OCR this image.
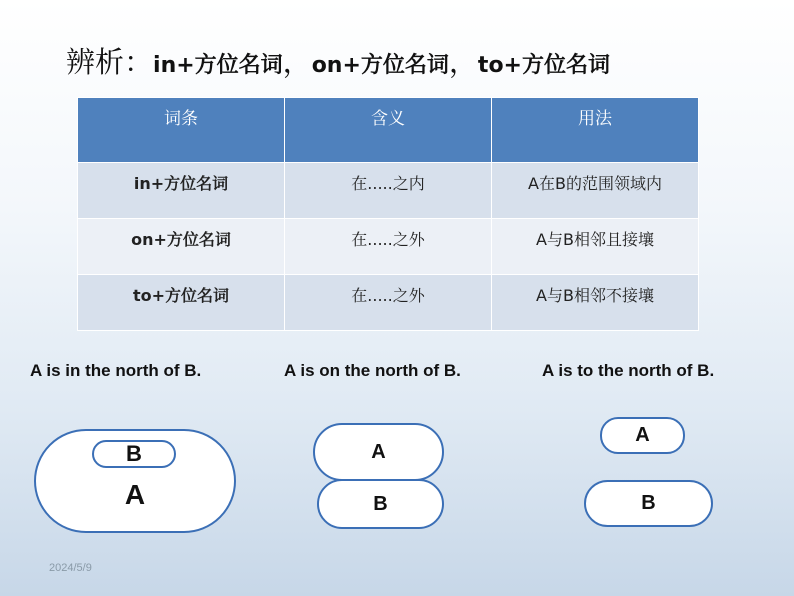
辨析：in+方位名词，on+方位名词，to+方位名词
词条	含义	用法
in+方位名词	在.....之内	A在B的范围领域内
on+方位名词	在.....之外	A与B相邻且接壤
to+方位名词	在.....之外	A与B相邻不接壤
A is in the north of B.	A is on the north of B.	A is to the north of B.
A
B	A
B
A
B
2024/5/9
